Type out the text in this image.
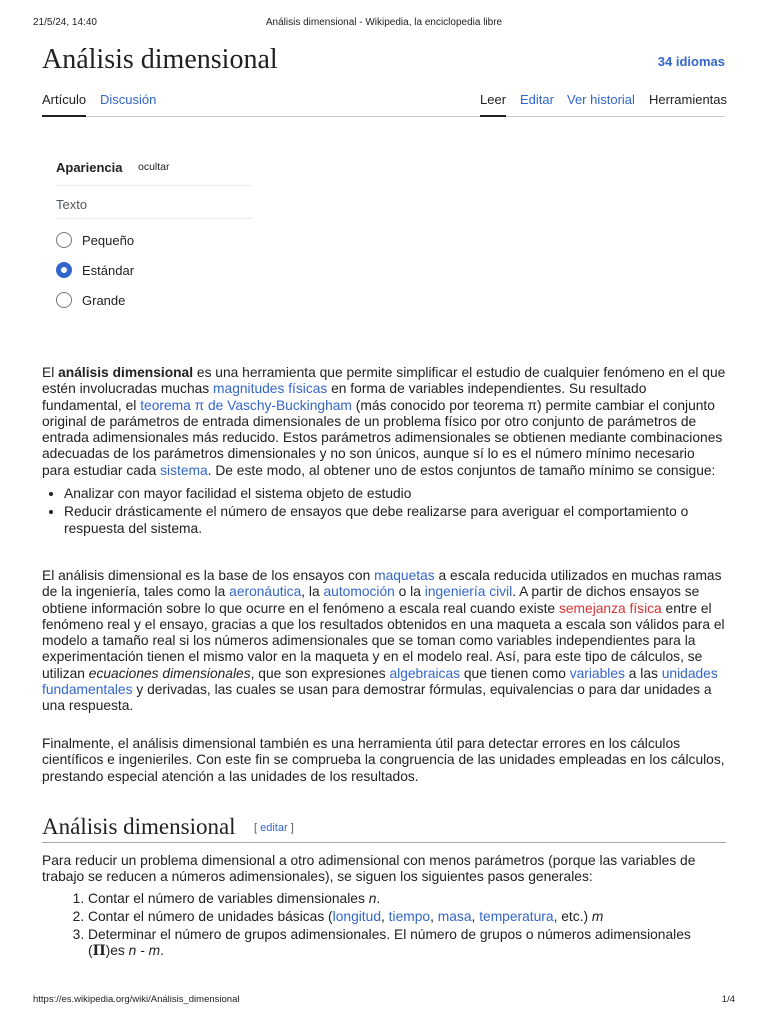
21/5/24, 14:40	Análisis dimensional - Wikipedia, la enciclopedia libre
Análisis dimensional	34 idiomas
Artículo Discusión	Leer Editar Ver historial Herramientas
Apariencia ocultar
Texto
Pequeño
Estándar
Grande

El análisis dimensional es una herramienta que permite simplificar el estudio de cualquier fenómeno en el que estén involucradas muchas magnitudes físicas en forma de variables independientes. Su resultado fundamental, el teorema π de Vaschy-Buckingham (más conocido por teorema π) permite cambiar el conjunto original de parámetros de entrada dimensionales de un problema físico por otro conjunto de parámetros de entrada adimensionales más reducido. Estos parámetros adimensionales se obtienen mediante combinaciones adecuadas de los parámetros dimensionales y no son únicos, aunque sí lo es el número mínimo necesario para estudiar cada sistema. De este modo, al obtener uno de estos conjuntos de tamaño mínimo se consigue:

• Analizar con mayor facilidad el sistema objeto de estudio
• Reducir drásticamente el número de ensayos que debe realizarse para averiguar el comportamiento o respuesta del sistema.

El análisis dimensional es la base de los ensayos con maquetas a escala reducida utilizados en muchas ramas de la ingeniería, tales como la aeronáutica, la automoción o la ingeniería civil. A partir de dichos ensayos se obtiene información sobre lo que ocurre en el fenómeno a escala real cuando existe semejanza física entre el fenómeno real y el ensayo, gracias a que los resultados obtenidos en una maqueta a escala son válidos para el modelo a tamaño real si los números adimensionales que se toman como variables independientes para la experimentación tienen el mismo valor en la maqueta y en el modelo real. Así, para este tipo de cálculos, se utilizan ecuaciones dimensionales, que son expresiones algebraicas que tienen como variables a las unidades fundamentales y derivadas, las cuales se usan para demostrar fórmulas, equivalencias o para dar unidades a una respuesta.

Finalmente, el análisis dimensional también es una herramienta útil para detectar errores en los cálculos científicos e ingenieriles. Con este fin se comprueba la congruencia de las unidades empleadas en los cálculos, prestando especial atención a las unidades de los resultados.

Análisis dimensional [ editar ]

Para reducir un problema dimensional a otro adimensional con menos parámetros (porque las variables de trabajo se reducen a números adimensionales), se siguen los siguientes pasos generales:

1. Contar el número de variables dimensionales n.
2. Contar el número de unidades básicas (longitud, tiempo, masa, temperatura, etc.) m
3. Determinar el número de grupos adimensionales. El número de grupos o números adimensionales (Π)es n - m.
https://es.wikipedia.org/wiki/Análisis_dimensional	1/4
